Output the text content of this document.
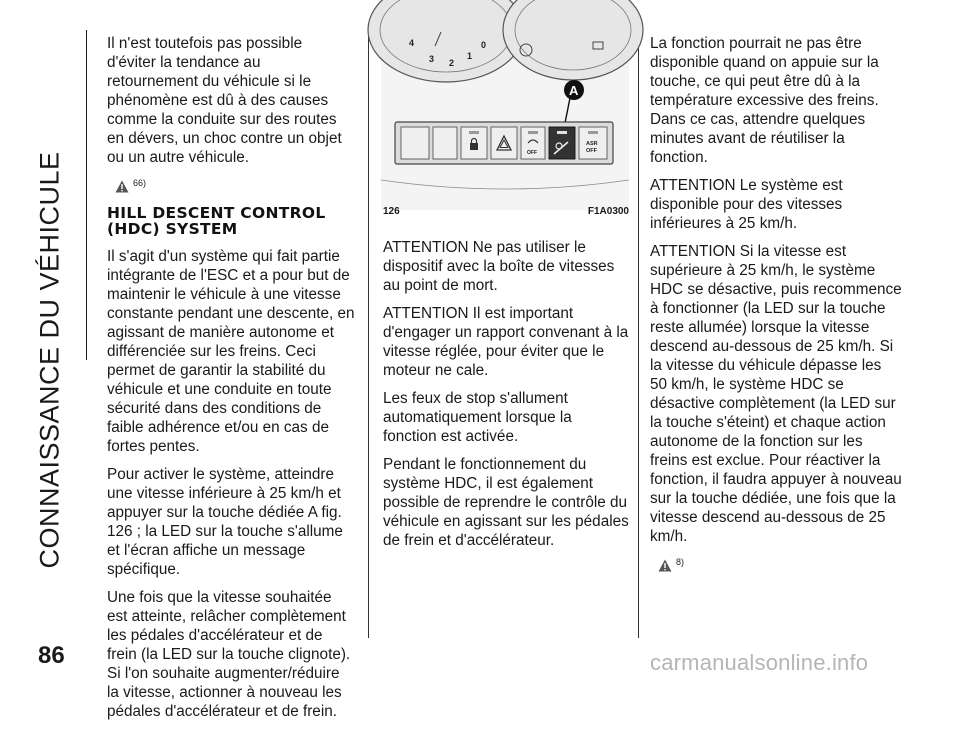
CONNAISSANCE DU VÉHICULE
86

Il n'est toutefois pas possible d'éviter la tendance au retournement du véhicule si le phénomène est dû à des causes comme la conduite sur des routes en dévers, un choc contre un objet ou un autre véhicule.

66)
HILL DESCENT CONTROL (HDC) SYSTEM

Il s'agit d'un système qui fait partie intégrante de l'ESC et a pour but de maintenir le véhicule à une vitesse constante pendant une descente, en agissant de manière autonome et différenciée sur les freins. Ceci permet de garantir la stabilité du véhicule et une conduite en toute sécurité dans des conditions de faible adhérence et/ou en cas de fortes pentes.

Pour activer le système, atteindre une vitesse inférieure à 25 km/h et appuyer sur la touche dédiée A fig. 126 ; la LED sur la touche s'allume et l'écran affiche un message spécifique.

Une fois que la vitesse souhaitée est atteinte, relâcher complètement les pédales d'accélérateur et de frein (la LED sur la touche clignote). Si l'on souhaite augmenter/réduire la vitesse, actionner à nouveau les pédales d'accélérateur et de frein.

4
3 2
1
0
A
OFF
ASR
OFF
126	F1A0300

ATTENTION Ne pas utiliser le dispositif avec la boîte de vitesses au point de mort.

ATTENTION Il est important d'engager un rapport convenant à la vitesse réglée, pour éviter que le moteur ne cale.

Les feux de stop s'allument automatiquement lorsque la fonction est activée.

Pendant le fonctionnement du système HDC, il est également possible de reprendre le contrôle du véhicule en agissant sur les pédales de frein et d'accélérateur.

La fonction pourrait ne pas être disponible quand on appuie sur la touche, ce qui peut être dû à la température excessive des freins. Dans ce cas, attendre quelques minutes avant de réutiliser la fonction.

ATTENTION Le système est disponible pour des vitesses inférieures à 25 km/h.

ATTENTION Si la vitesse est supérieure à 25 km/h, le système HDC se désactive, puis recommence à fonctionner (la LED sur la touche reste allumée) lorsque la vitesse descend au-dessous de 25 km/h. Si la vitesse du véhicule dépasse les 50 km/h, le système HDC se désactive complètement (la LED sur la touche s'éteint) et chaque action autonome de la fonction sur les freins est exclue. Pour réactiver la fonction, il faudra appuyer à nouveau sur la touche dédiée, une fois que la vitesse descend au-dessous de 25 km/h.

8)
carmanualsonline.info
